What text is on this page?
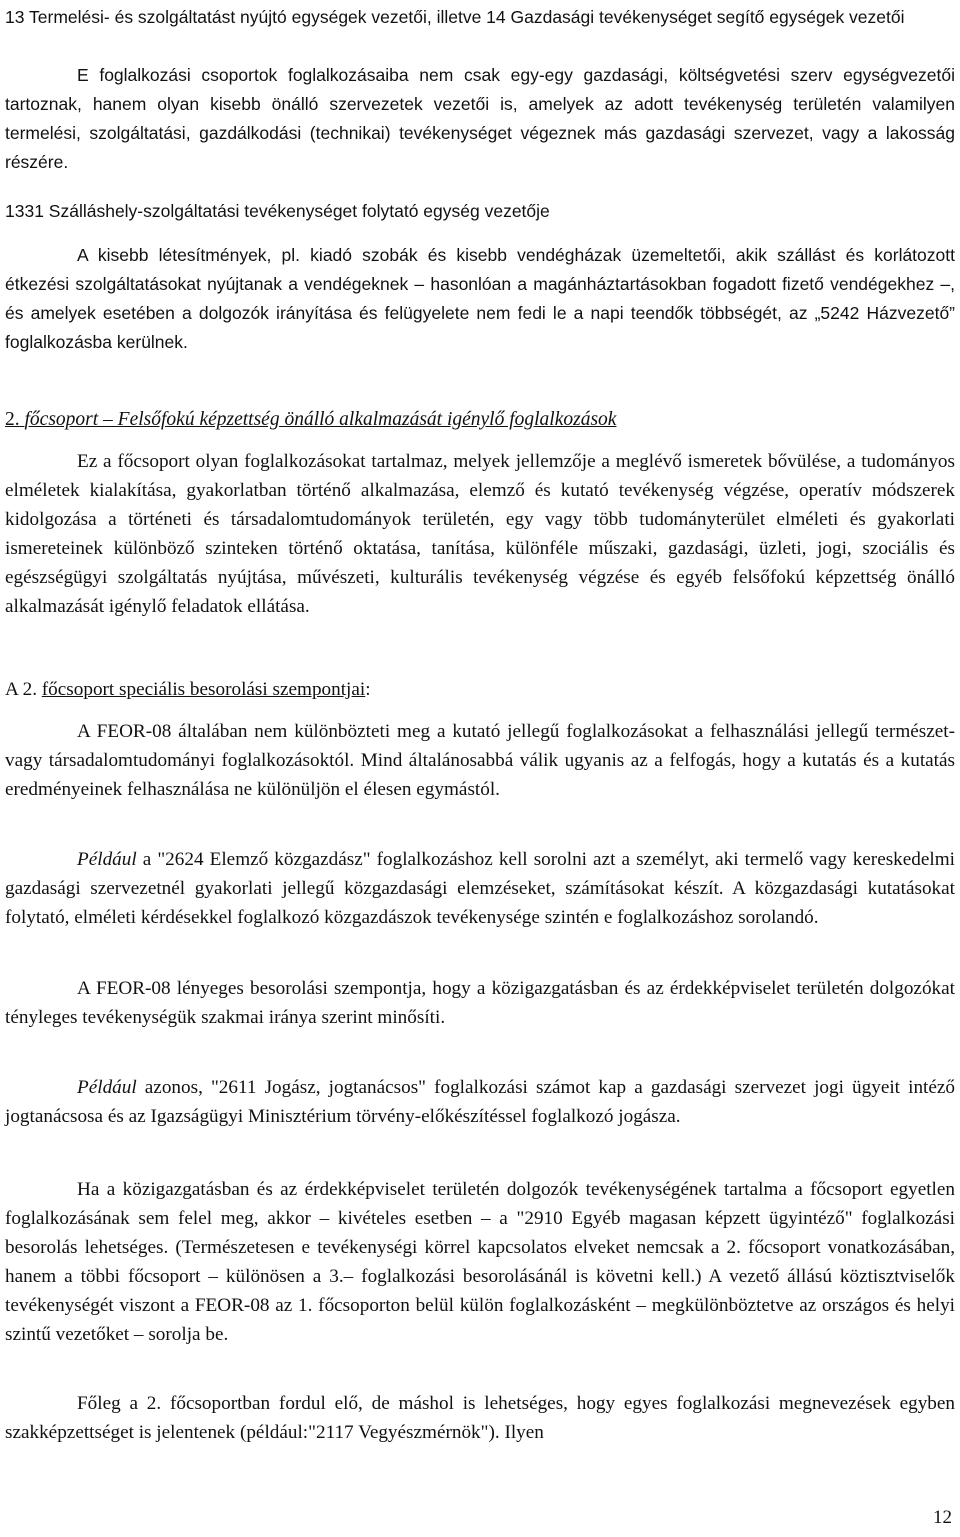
13 Termelési- és szolgáltatást nyújtó egységek vezetői, illetve 14 Gazdasági tevékenységet segítő egységek vezetői

E foglalkozási csoportok foglalkozásaiba nem csak egy-egy gazdasági, költségvetési szerv egységvezetői tartoznak, hanem olyan kisebb önálló szervezetek vezetői is, amelyek az adott tevékenység területén valamilyen termelési, szolgáltatási, gazdálkodási (technikai) tevékenységet végeznek más gazdasági szervezet, vagy a lakosság részére.

1331 Szálláshely-szolgáltatási tevékenységet folytató egység vezetője

A kisebb létesítmények, pl. kiadó szobák és kisebb vendégházak üzemeltetői, akik szállást és korlátozott étkezési szolgáltatásokat nyújtanak a vendégeknek – hasonlóan a magánháztartásokban fogadott fizető vendégekhez –, és amelyek esetében a dolgozók irányítása és felügyelete nem fedi le a napi teendők többségét, az „5242 Házvezető” foglalkozásba kerülnek.

2. főcsoport – Felsőfokú képzettség önálló alkalmazását igénylő foglalkozások

Ez a főcsoport olyan foglalkozásokat tartalmaz, melyek jellemzője a meglévő ismeretek bővülése, a tudományos elméletek kialakítása, gyakorlatban történő alkalmazása, elemző és kutató tevékenység végzése, operatív módszerek kidolgozása a történeti és társadalomtudományok területén, egy vagy több tudományterület elméleti és gyakorlati ismereteinek különböző szinteken történő oktatása, tanítása, különféle műszaki, gazdasági, üzleti, jogi, szociális és egészségügyi szolgáltatás nyújtása, művészeti, kulturális tevékenység végzése és egyéb felsőfokú képzettség önálló alkalmazását igénylő feladatok ellátása.

A 2. főcsoport speciális besorolási szempontjai:

A FEOR-08 általában nem különbözteti meg a kutató jellegű foglalkozásokat a felhasználási jellegű természet- vagy társadalomtudományi foglalkozásoktól. Mind általánosabbá válik ugyanis az a felfogás, hogy a kutatás és a kutatás eredményeinek felhasználása ne különüljön el élesen egymástól.

Például a "2624 Elemző közgazdász" foglalkozáshoz kell sorolni azt a személyt, aki termelő vagy kereskedelmi gazdasági szervezetnél gyakorlati jellegű közgazdasági elemzéseket, számításokat készít. A közgazdasági kutatásokat folytató, elméleti kérdésekkel foglalkozó közgazdászok tevékenysége szintén e foglalkozáshoz sorolandó.

A FEOR-08 lényeges besorolási szempontja, hogy a közigazgatásban és az érdekképviselet területén dolgozókat tényleges tevékenységük szakmai iránya szerint minősíti.

Például azonos, "2611 Jogász, jogtanácsos" foglalkozási számot kap a gazdasági szervezet jogi ügyeit intéző jogtanácsosa és az Igazságügyi Minisztérium törvény-előkészítéssel foglalkozó jogásza.

Ha a közigazgatásban és az érdekképviselet területén dolgozók tevékenységének tartalma a főcsoport egyetlen foglalkozásának sem felel meg, akkor – kivételes esetben – a "2910 Egyéb magasan képzett ügyintéző" foglalkozási besorolás lehetséges. (Természetesen e tevékenységi körrel kapcsolatos elveket nemcsak a 2. főcsoport vonatkozásában, hanem a többi főcsoport – különösen a 3.– foglalkozási besorolásánál is követni kell.) A vezető állású köztisztviselők tevékenységét viszont a FEOR-08 az 1. főcsoporton belül külön foglalkozásként – megkülönböztetve az országos és helyi szintű vezetőket – sorolja be.

Főleg a 2. főcsoportban fordul elő, de máshol is lehetséges, hogy egyes foglalkozási megnevezések egyben szakképzettséget is jelentenek (például:"2117 Vegyészmérnök"). Ilyen

12
